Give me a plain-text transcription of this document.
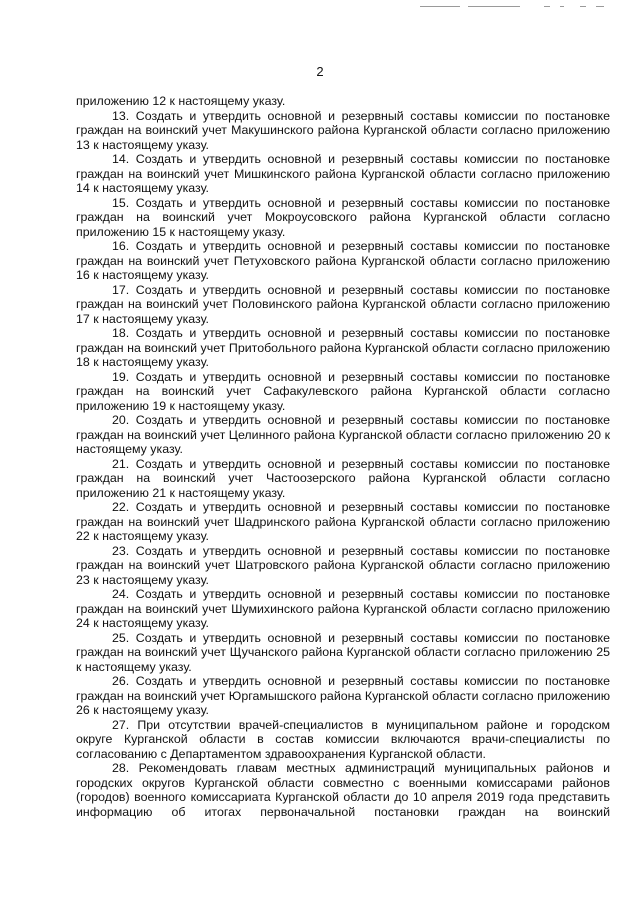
2

приложению 12 к настоящему указу.

13. Создать и утвердить основной и резервный составы комиссии по постановке граждан на воинский учет Макушинского района Курганской области согласно приложению 13 к настоящему указу.

14. Создать и утвердить основной и резервный составы комиссии по постановке граждан на воинский учет Мишкинского района Курганской области согласно приложению 14 к настоящему указу.

15. Создать и утвердить основной и резервный составы комиссии по постановке граждан на воинский учет Мокроусовского района Курганской области согласно приложению 15 к настоящему указу.

16. Создать и утвердить основной и резервный составы комиссии по постановке граждан на воинский учет Петуховского района Курганской области согласно приложению 16 к настоящему указу.

17. Создать и утвердить основной и резервный составы комиссии по постановке граждан на воинский учет Половинского района Курганской области согласно приложению 17 к настоящему указу.

18. Создать и утвердить основной и резервный составы комиссии по постановке граждан на воинский учет Притобольного района Курганской области согласно приложению 18 к настоящему указу.

19. Создать и утвердить основной и резервный составы комиссии по постановке граждан на воинский учет Сафакулевского района Курганской области согласно приложению 19 к настоящему указу.

20. Создать и утвердить основной и резервный составы комиссии по постановке граждан на воинский учет Целинного района Курганской области согласно приложению 20 к настоящему указу.

21. Создать и утвердить основной и резервный составы комиссии по постановке граждан на воинский учет Частоозерского района Курганской области согласно приложению 21 к настоящему указу.

22. Создать и утвердить основной и резервный составы комиссии по постановке граждан на воинский учет Шадринского района Курганской области согласно приложению 22 к настоящему указу.

23. Создать и утвердить основной и резервный составы комиссии по постановке граждан на воинский учет Шатровского района Курганской области согласно приложению 23 к настоящему указу.

24. Создать и утвердить основной и резервный составы комиссии по постановке граждан на воинский учет Шумихинского района Курганской области согласно приложению 24 к настоящему указу.

25. Создать и утвердить основной и резервный составы комиссии по постановке граждан на воинский учет Щучанского района Курганской области согласно приложению 25 к настоящему указу.

26. Создать и утвердить основной и резервный составы комиссии по постановке граждан на воинский учет Юргамышского района Курганской области согласно приложению 26 к настоящему указу.

27. При отсутствии врачей-специалистов в муниципальном районе и городском округе Курганской области в состав комиссии включаются врачи-специалисты по согласованию с Департаментом здравоохранения Курганской области.

28. Рекомендовать главам местных администраций муниципальных районов и городских округов Курганской области совместно с военными комиссарами районов (городов) военного комиссариата Курганской области до 10 апреля 2019 года представить информацию об итогах первоначальной постановки граждан на воинский
